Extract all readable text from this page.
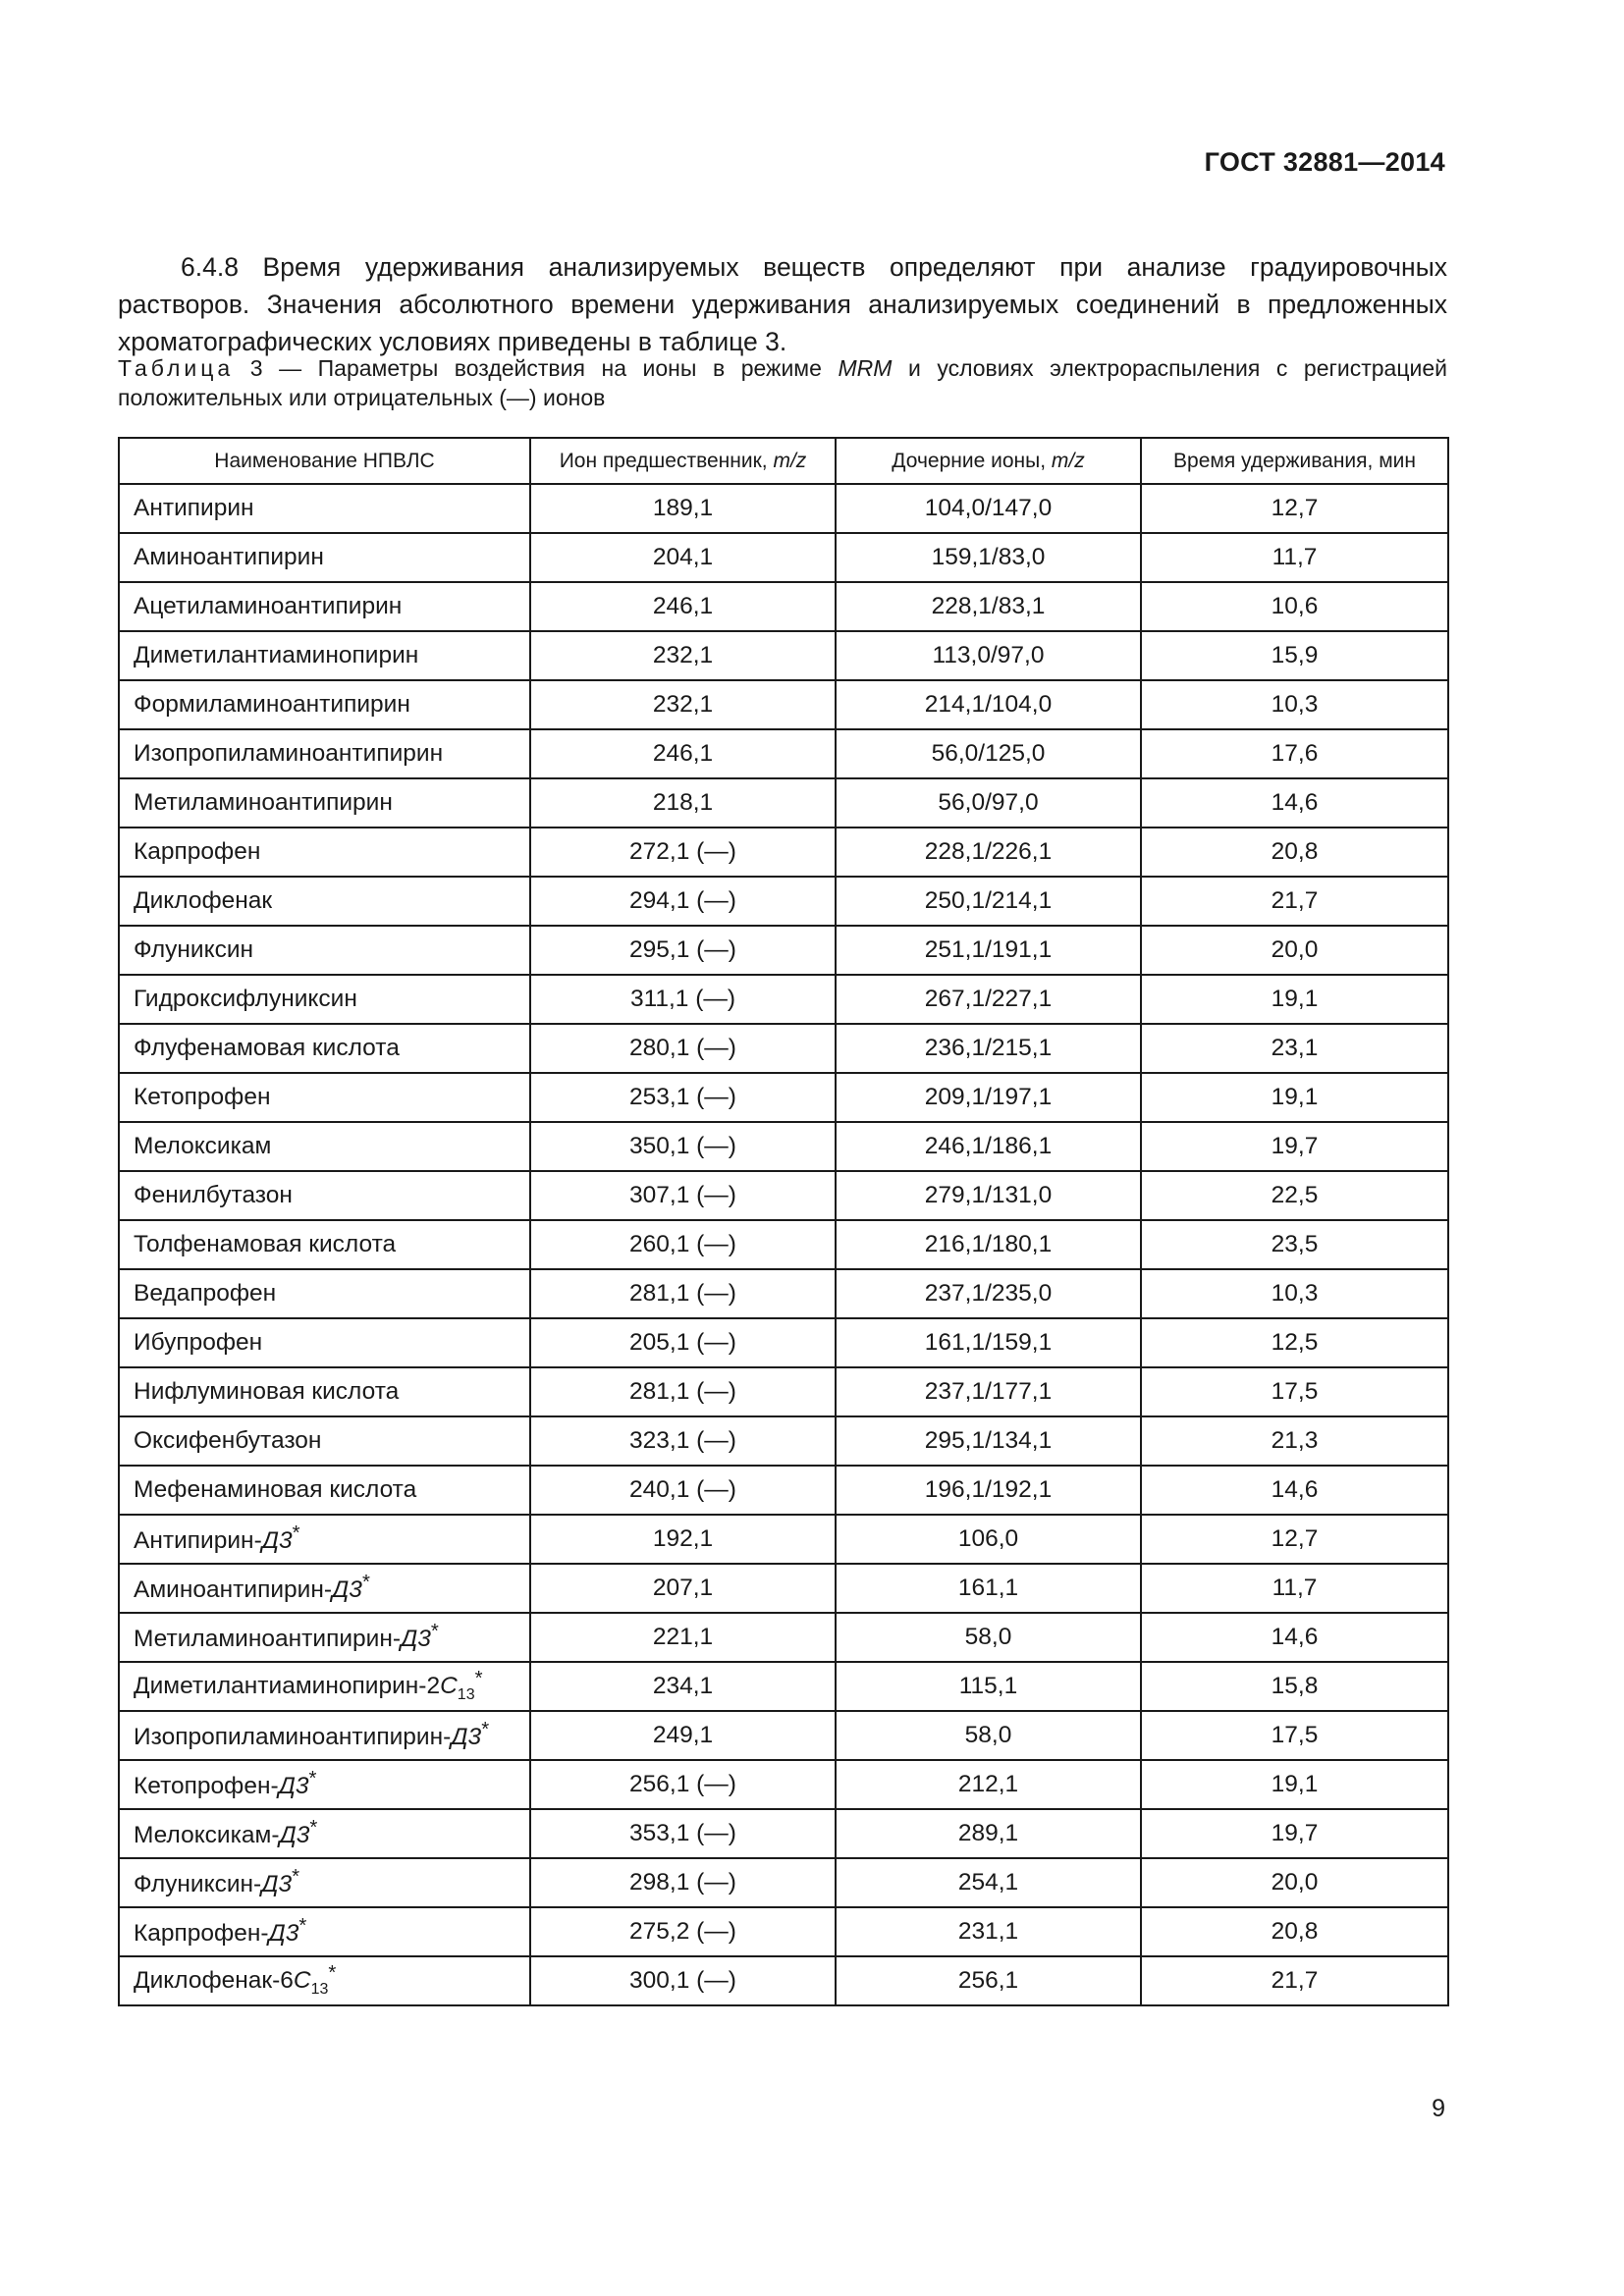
ГОСТ 32881—2014

6.4.8 Время удерживания анализируемых веществ определяют при анализе градуировочных растворов. Значения абсолютного времени удерживания анализируемых соединений в предложенных хроматографических условиях приведены в таблице 3.

Таблица 3 — Параметры воздействия на ионы в режиме MRM и условиях электрораспыления с регистрацией положительных или отрицательных (—) ионов
Наименование НПВЛС	Ион предшественник, m/z	Дочерние ионы, m/z	Время удерживания, мин
Антипирин	189,1	104,0/147,0	12,7
Аминоантипирин	204,1	159,1/83,0	11,7
Ацетиламиноантипирин	246,1	228,1/83,1	10,6
Диметилантиаминопирин	232,1	113,0/97,0	15,9
Формиламиноантипирин	232,1	214,1/104,0	10,3
Изопропиламиноантипирин	246,1	56,0/125,0	17,6
Метиламиноантипирин	218,1	56,0/97,0	14,6
Карпрофен	272,1 (—)	228,1/226,1	20,8
Диклофенак	294,1 (—)	250,1/214,1	21,7
Флуниксин	295,1 (—)	251,1/191,1	20,0
Гидроксифлуниксин	311,1 (—)	267,1/227,1	19,1
Флуфенамовая кислота	280,1 (—)	236,1/215,1	23,1
Кетопрофен	253,1 (—)	209,1/197,1	19,1
Мелоксикам	350,1 (—)	246,1/186,1	19,7
Фенилбутазон	307,1 (—)	279,1/131,0	22,5
Толфенамовая кислота	260,1 (—)	216,1/180,1	23,5
Ведапрофен	281,1 (—)	237,1/235,0	10,3
Ибупрофен	205,1 (—)	161,1/159,1	12,5
Нифлуминовая кислота	281,1 (—)	237,1/177,1	17,5
Оксифенбутазон	323,1 (—)	295,1/134,1	21,3
Мефенаминовая кислота	240,1 (—)	196,1/192,1	14,6
Антипирин-Д3*	192,1	106,0	12,7
Аминоантипирин-Д3*	207,1	161,1	11,7
Метиламиноантипирин-Д3*	221,1	58,0	14,6
Диметилантиаминопирин-$2С_{13}^*$	234,1	115,1	15,8
Изопропиламиноантипирин-Д3*	249,1	58,0	17,5
Кетопрофен-Д3*	256,1 (—)	212,1	19,1
Мелоксикам-Д3*	353,1 (—)	289,1	19,7
Флуниксин-Д3*	298,1 (—)	254,1	20,0
Карпрофен-Д3*	275,2 (—)	231,1	20,8
Диклофенак-$6С_{13}^*$	300,1 (—)	256,1	21,7
9
